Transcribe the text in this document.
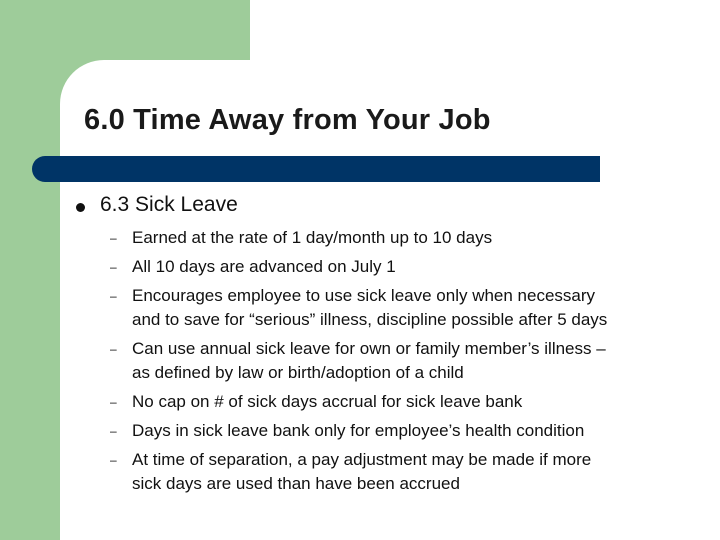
6.0 Time Away from Your Job
6.3 Sick Leave
– Earned at the rate of 1 day/month up to 10 days
– All 10 days are advanced on July 1
– Encourages employee to use sick leave only when necessary
and to save for “serious” illness, discipline possible after 5 days
– Can use annual sick leave for own or family member’s illness –
as defined by law or birth/adoption of a child
– No cap on # of sick days accrual for sick leave bank
– Days in sick leave bank only for employee’s health condition
– At time of separation, a pay adjustment may be made if more
sick days are used than have been accrued
